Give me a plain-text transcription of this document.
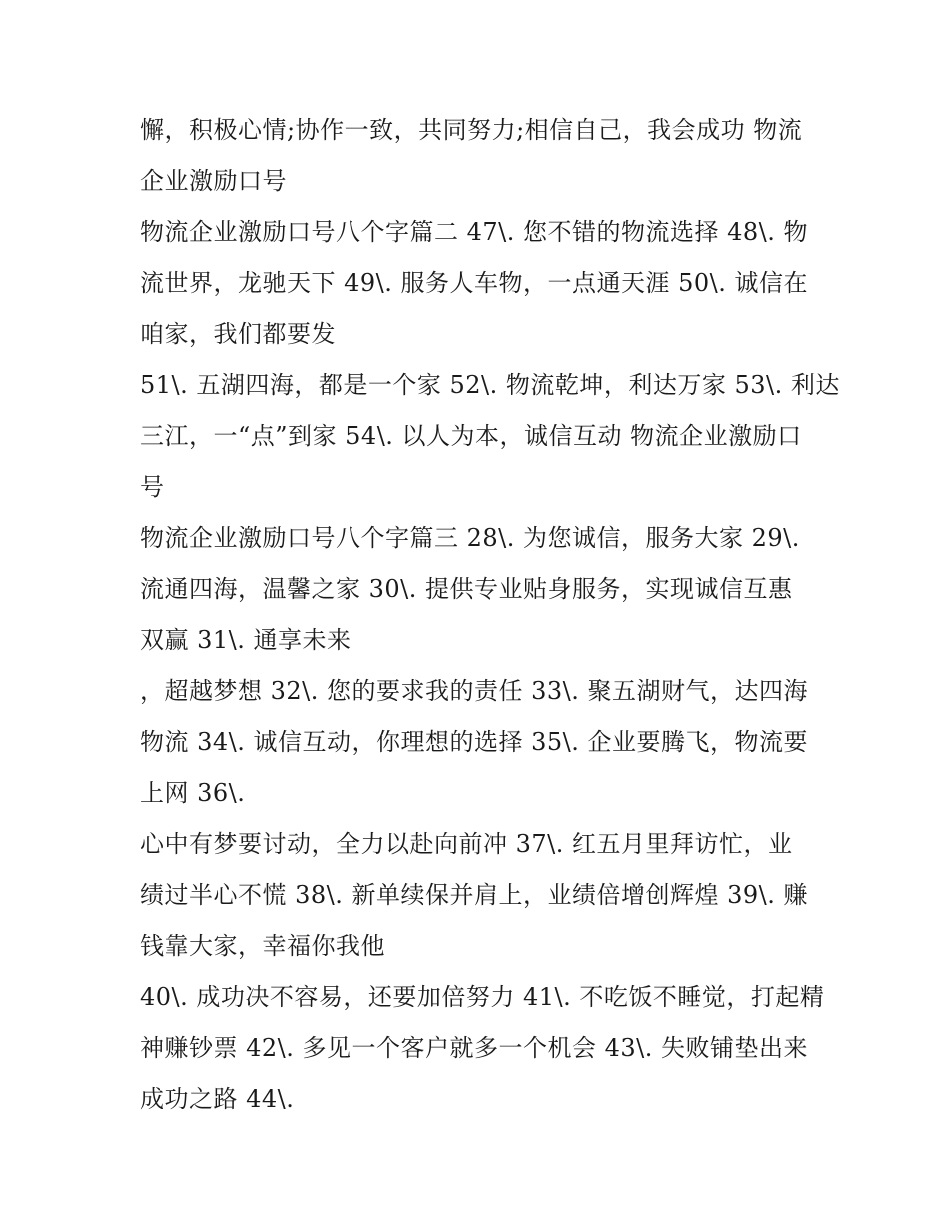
懈，积极心情;协作一致，共同努力;相信自己，我会成功 物流
企业激励口号
物流企业激励口号八个字篇二 47\. 您不错的物流选择 48\. 物
流世界，龙驰天下 49\. 服务人车物，一点通天涯 50\. 诚信在
咱家，我们都要发
51\. 五湖四海，都是一个家 52\. 物流乾坤，利达万家 53\. 利达
三江，一“点”到家 54\. 以人为本，诚信互动 物流企业激励口
号
物流企业激励口号八个字篇三 28\. 为您诚信，服务大家 29\.
流通四海，温馨之家 30\. 提供专业贴身服务，实现诚信互惠
双赢 31\. 通享未来
，超越梦想 32\. 您的要求我的责任 33\. 聚五湖财气，达四海
物流 34\. 诚信互动，你理想的选择 35\. 企业要腾飞，物流要
上网 36\.
心中有梦要讨动，全力以赴向前冲 37\. 红五月里拜访忙，业
绩过半心不慌 38\. 新单续保并肩上，业绩倍增创辉煌 39\. 赚
钱靠大家，幸福你我他
40\. 成功决不容易，还要加倍努力 41\. 不吃饭不睡觉，打起精
神赚钞票 42\. 多见一个客户就多一个机会 43\. 失败铺垫出来
成功之路 44\.
